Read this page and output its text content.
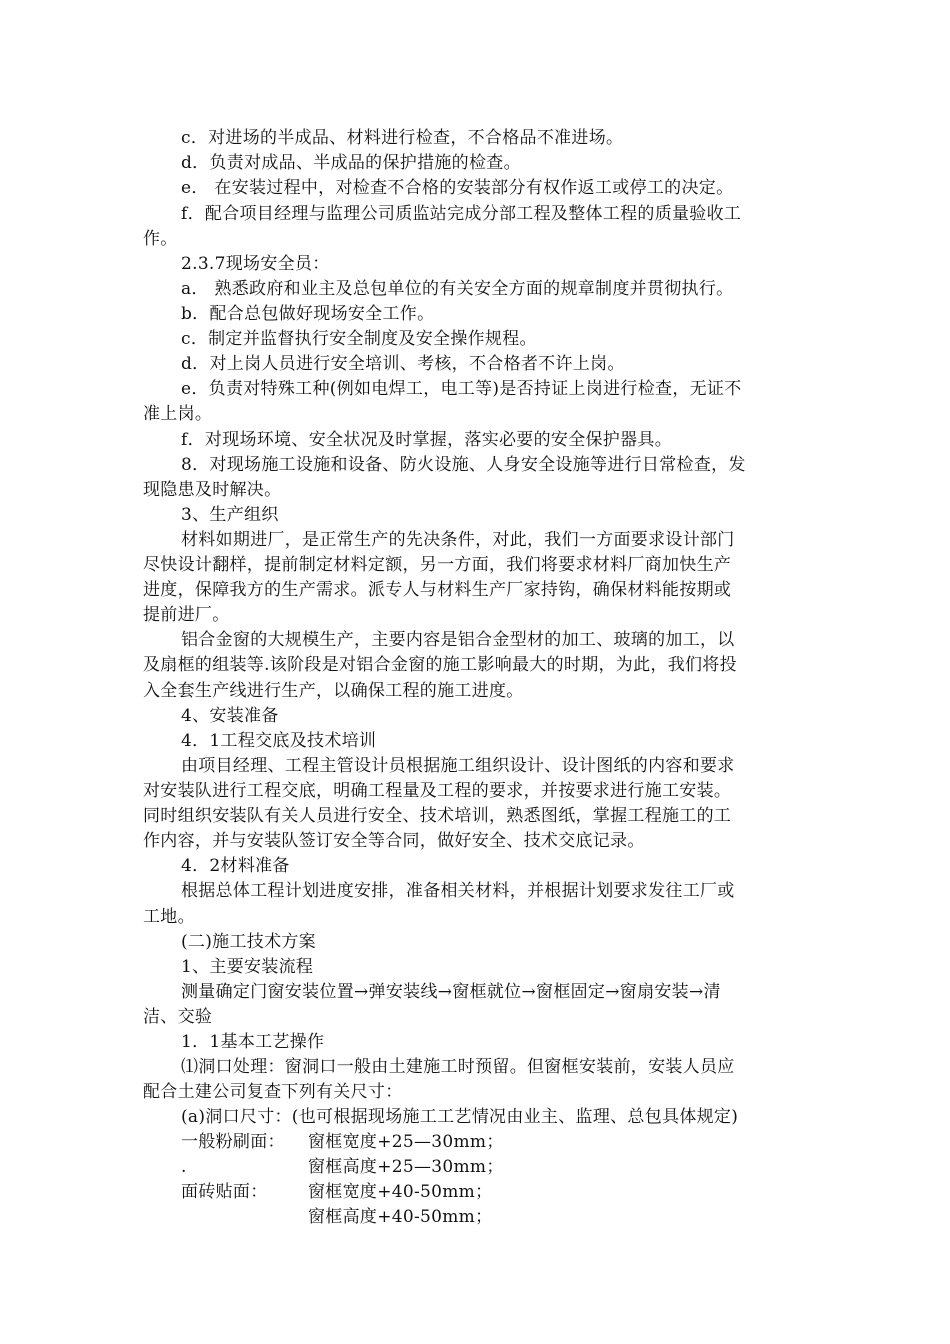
c．对进场的半成品、材料进行检查，不合格品不准进场。
d．负责对成品、半成品的保护措施的检查。
e． 在安装过程中，对检查不合格的安装部分有权作返工或停工的决定。
f．配合项目经理与监理公司质监站完成分部工程及整体工程的质量验收工
作。
2.3.7现场安全员：
a． 熟悉政府和业主及总包单位的有关安全方面的规章制度并贯彻执行。
b．配合总包做好现场安全工作。
c．制定并监督执行安全制度及安全操作规程。
d．对上岗人员进行安全培训、考核，不合格者不许上岗。
e．负责对特殊工种(例如电焊工，电工等)是否持证上岗进行检查，无证不
准上岗。
f．对现场环境、安全状况及时掌握，落实必要的安全保护器具。
8．对现场施工设施和设备、防火设施、人身安全设施等进行日常检查，发
现隐患及时解决。
3、生产组织
材料如期进厂，是正常生产的先决条件，对此，我们一方面要求设计部门
尽快设计翻样，提前制定材料定额，另一方面，我们将要求材料厂商加快生产
进度，保障我方的生产需求。派专人与材料生产厂家持钩，确保材料能按期或
提前进厂。
铝合金窗的大规模生产，主要内容是铝合金型材的加工、玻璃的加工，以
及扇框的组装等.该阶段是对铝合金窗的施工影响最大的时期，为此，我们将投
入全套生产线进行生产，以确保工程的施工进度。
4、安装准备
4．1工程交底及技术培训
由项目经理、工程主管设计员根据施工组织设计、设计图纸的内容和要求
对安装队进行工程交底，明确工程量及工程的要求，并按要求进行施工安装。
同时组织安装队有关人员进行安全、技术培训，熟悉图纸，掌握工程施工的工
作内容，并与安装队签订安全等合同，做好安全、技术交底记录。
4．2材料准备
根据总体工程计划进度安排，准备相关材料，并根据计划要求发往工厂或
工地。
(二)施工技术方案
1、主要安装流程
测量确定门窗安装位置→弹安装线→窗框就位→窗框固定→窗扇安装→清
洁、交验
1．1基本工艺操作
⑴洞口处理：窗洞口一般由土建施工时预留。但窗框安装前，安装人员应
配合土建公司复查下列有关尺寸：
(a)洞口尺寸：(也可根据现场施工工艺情况由业主、监理、总包具体规定)
一般粉刷面： 窗框宽度+25—30mm；
.	窗框高度+25—30mm；
面砖贴面： 窗框宽度+40-50mm；
窗框高度+40-50mm；
